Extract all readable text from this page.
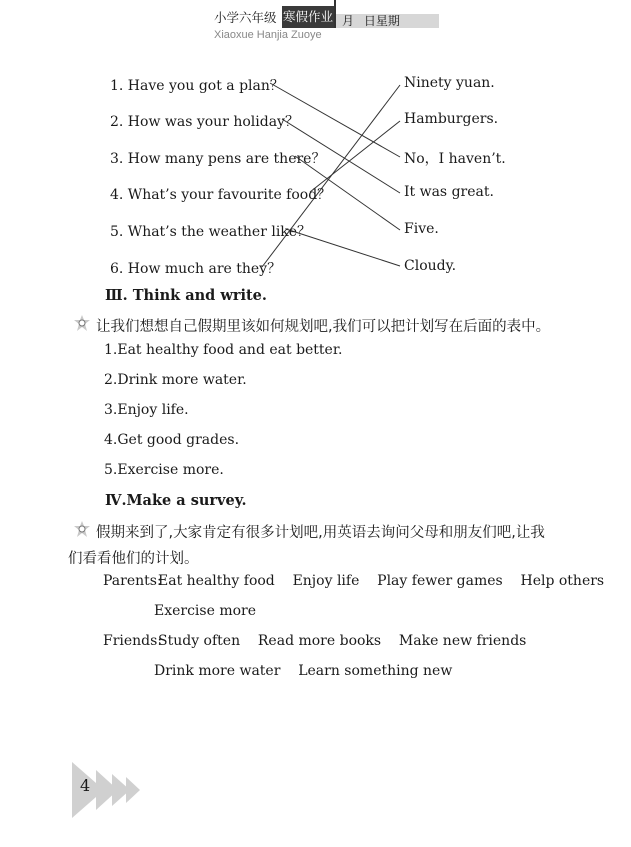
小学六年级 寒假作业 月 日星期
Xiaoxue Hanjia Zuoye
1. Have you got a plan？
2. How was your holiday？
3. How many pens are there？
4. What’s your favourite food？
5. What’s the weather like？
6. How much are they？
Ninety yuan.
Hamburgers.
No，I haven’t.
It was great.
Five.
Cloudy.
Ⅲ. Think and write.
让我们想想自己假期里该如何规划吧,我们可以把计划写在后面的表中。
1.Eat healthy food and eat better.
2.Drink more water.
3.Enjoy life.
4.Get good grades.
5.Exercise more.
Ⅳ.Make a survey.
假期来到了,大家肯定有很多计划吧,用英语去询问父母和朋友们吧,让我
们看看他们的计划。
Parents:
Eat healthy food    Enjoy life    Play fewer games    Help others
Exercise more
Friends:
Study often    Read more books    Make new friends
Drink more water    Learn something new
4
